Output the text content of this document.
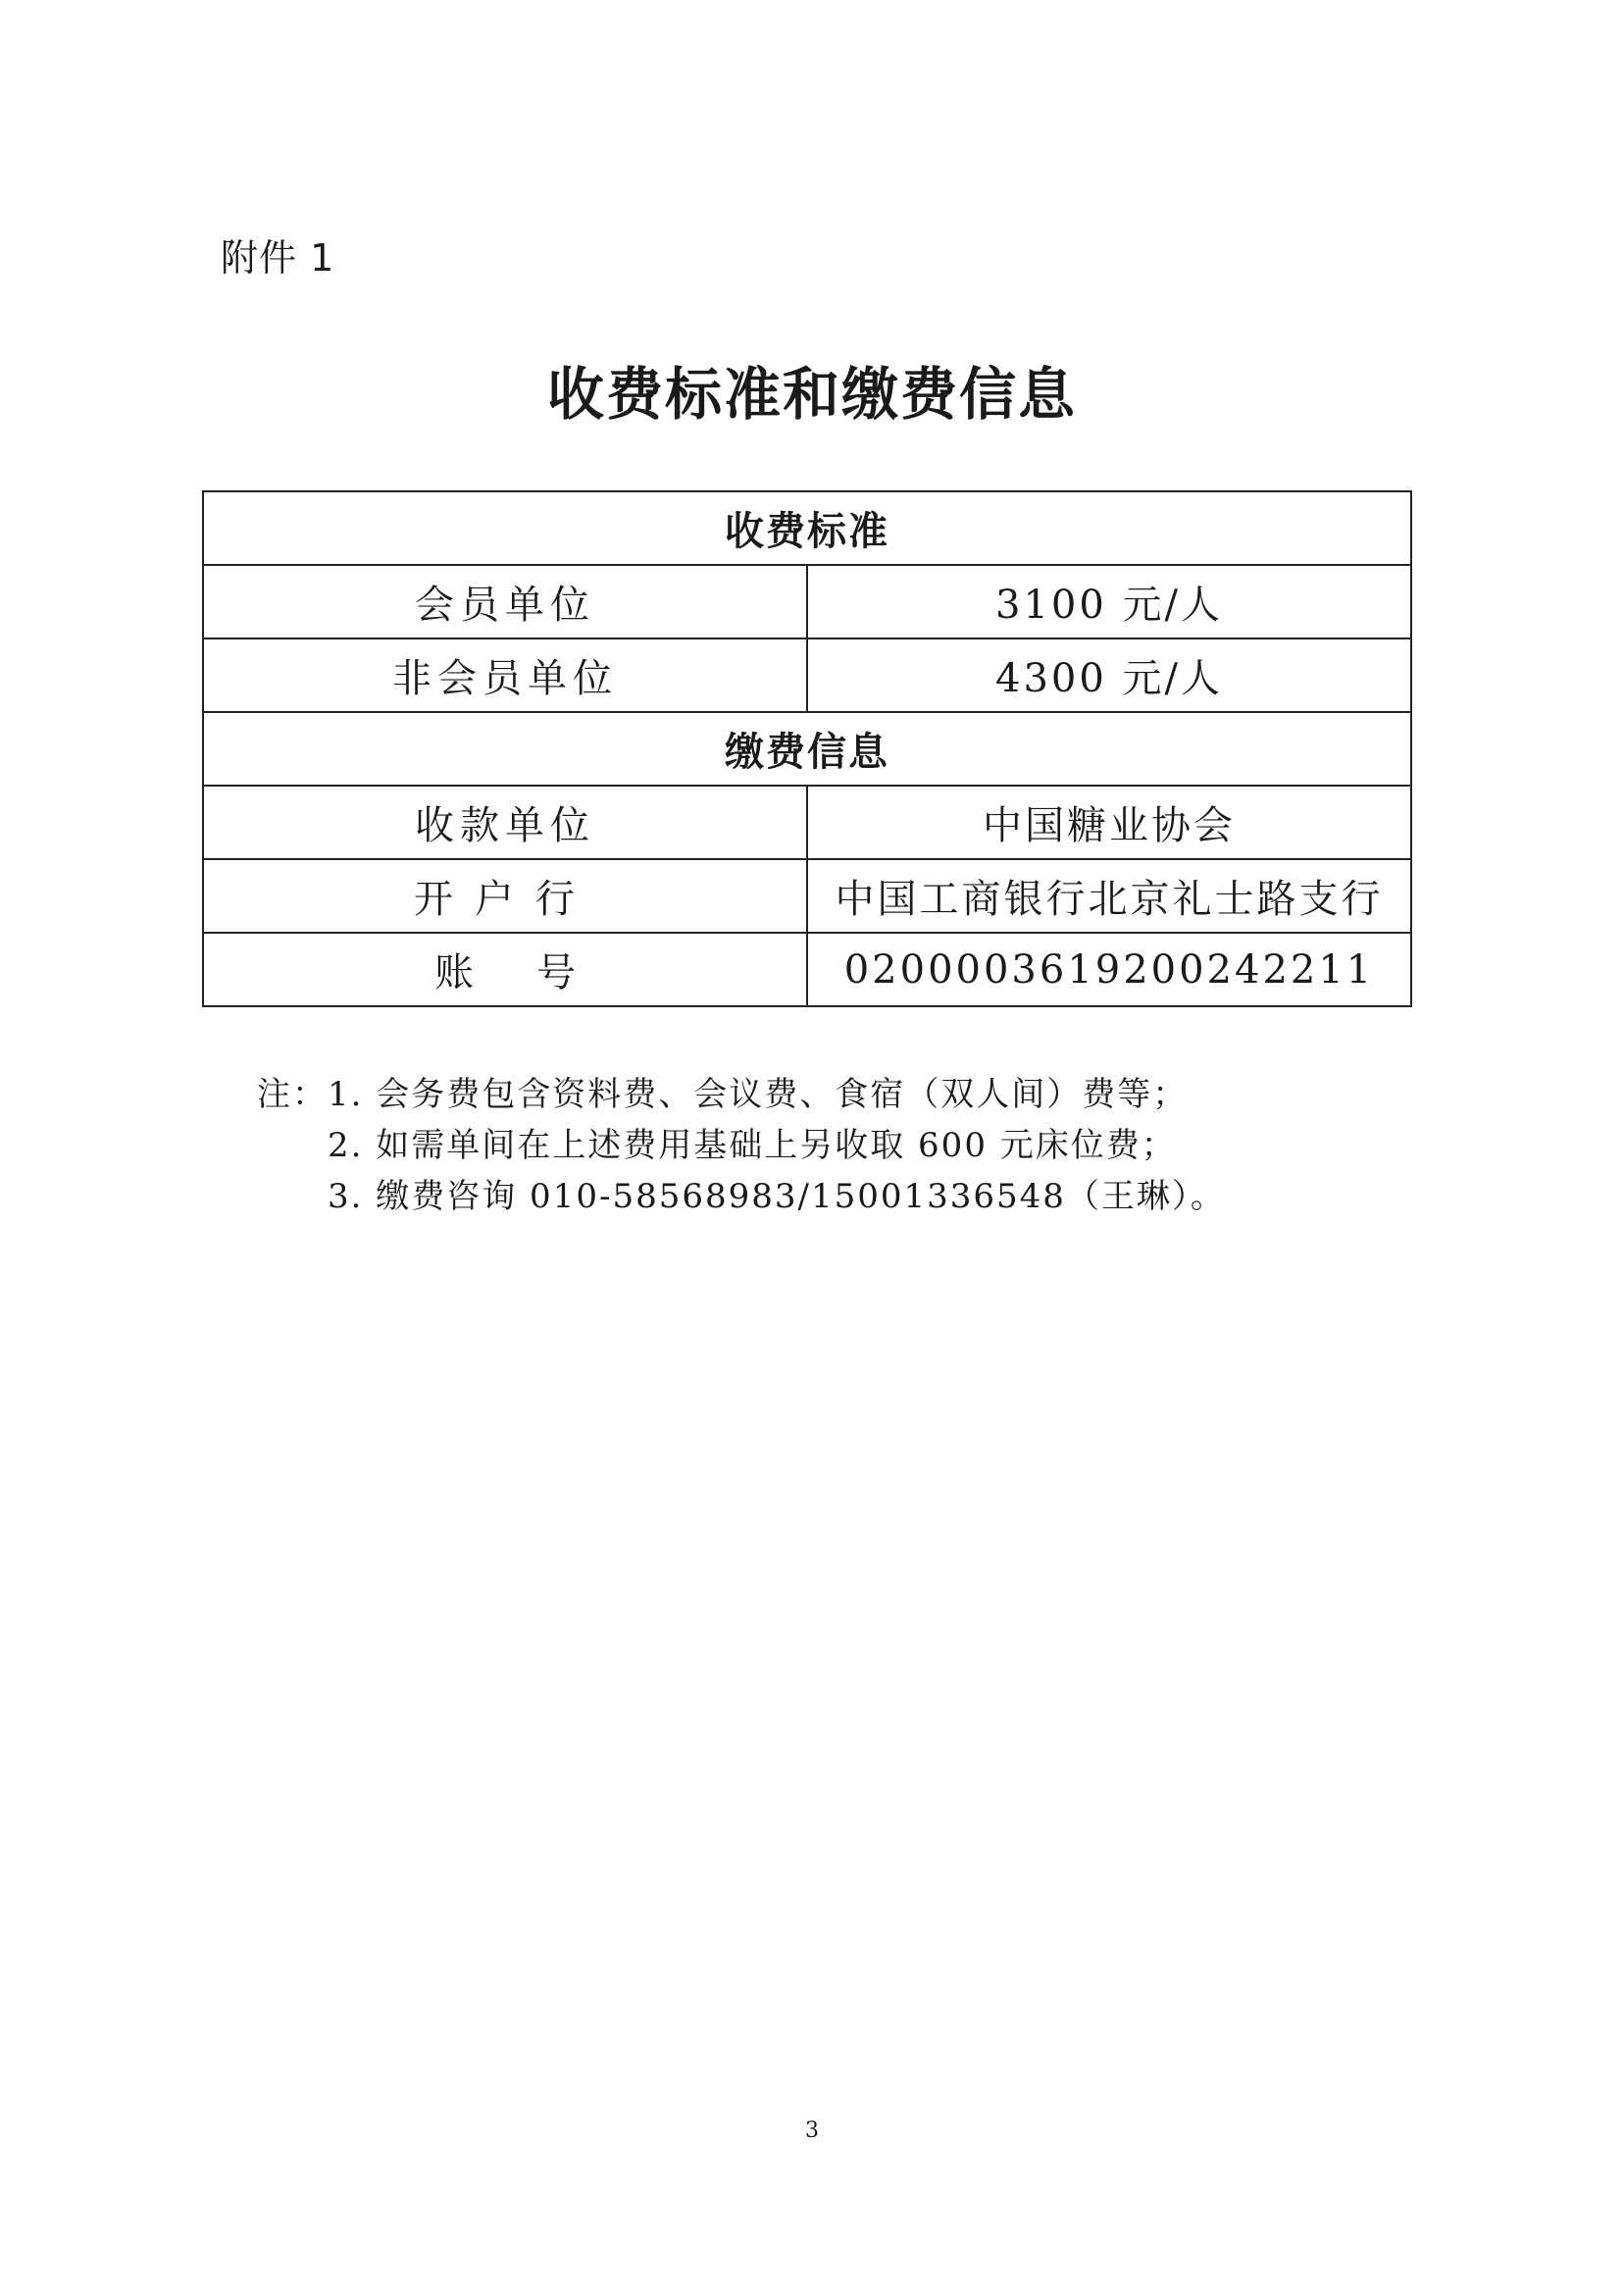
附件 1
收费标准和缴费信息
收费标准	
会员单位	3100 元/人
非会员单位	4300 元/人
缴费信息	
收款单位	中国糖业协会
开户行	中国工商银行北京礼士路支行
账号	0200003619200242211
注：1. 会务费包含资料费、会议费、食宿（双人间）费等；
2. 如需单间在上述费用基础上另收取 600 元床位费；
3. 缴费咨询 010-58568983/15001336548（王琳）。
3
